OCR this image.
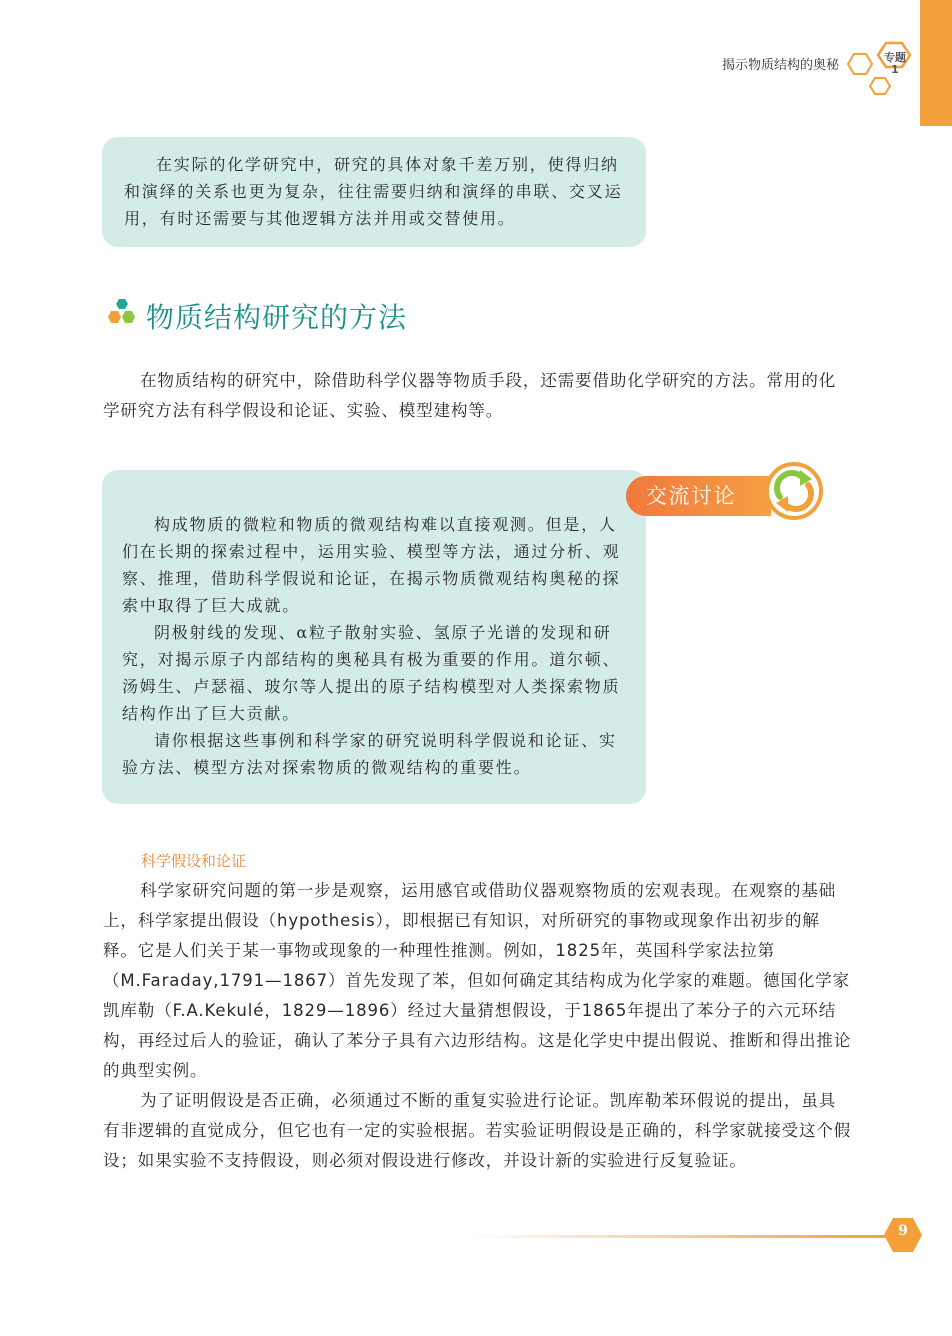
揭示物质结构的奥秘
专题
1

在实际的化学研究中，研究的具体对象千差万别，使得归纳和演绎的关系也更为复杂，往往需要归纳和演绎的串联、交叉运用，有时还需要与其他逻辑方法并用或交替使用。

物质结构研究的方法

在物质结构的研究中，除借助科学仪器等物质手段，还需要借助化学研究的方法。常用的化学研究方法有科学假设和论证、实验、模型建构等。

构成物质的微粒和物质的微观结构难以直接观测。但是，人们在长期的探索过程中，运用实验、模型等方法，通过分析、观察、推理，借助科学假说和论证，在揭示物质微观结构奥秘的探索中取得了巨大成就。

阴极射线的发现、α粒子散射实验、氢原子光谱的发现和研究，对揭示原子内部结构的奥秘具有极为重要的作用。道尔顿、汤姆生、卢瑟福、玻尔等人提出的原子结构模型对人类探索物质结构作出了巨大贡献。

请你根据这些事例和科学家的研究说明科学假说和论证、实验方法、模型方法对探索物质的微观结构的重要性。

交流讨论
科学假设和论证

科学家研究问题的第一步是观察，运用感官或借助仪器观察物质的宏观表现。在观察的基础上，科学家提出假设（hypothesis），即根据已有知识，对所研究的事物或现象作出初步的解释。它是人们关于某一事物或现象的一种理性推测。例如，1825年，英国科学家法拉第（M.Faraday,1791—1867）首先发现了苯，但如何确定其结构成为化学家的难题。德国化学家凯库勒（F.A.Kekulé，1829—1896）经过大量猜想假设，于1865年提出了苯分子的六元环结构，再经过后人的验证，确认了苯分子具有六边形结构。这是化学史中提出假说、推断和得出推论的典型实例。

为了证明假设是否正确，必须通过不断的重复实验进行论证。凯库勒苯环假说的提出，虽具有非逻辑的直觉成分，但它也有一定的实验根据。若实验证明假设是正确的，科学家就接受这个假设；如果实验不支持假设，则必须对假设进行修改，并设计新的实验进行反复验证。

9
